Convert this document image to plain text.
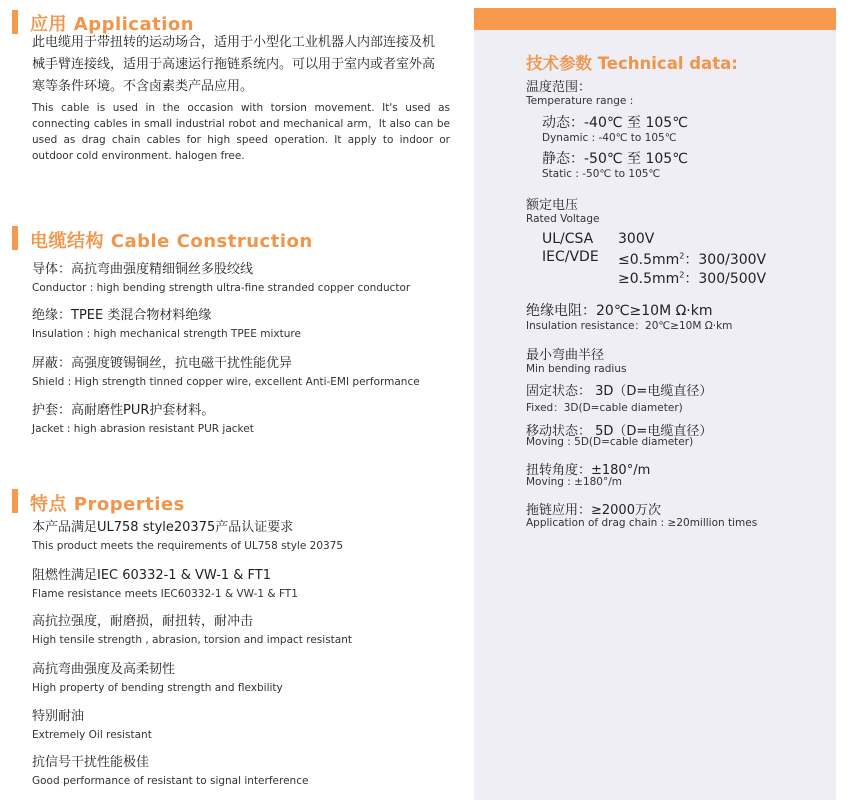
应用 Application
此电缆用于带扭转的运动场合，适用于小型化工业机器人内部连接及机械手臂连接线，适用于高速运行拖链系统内。可以用于室内或者室外高寒等条件环境。不含卤素类产品应用。
This cable is used in the occasion with torsion movement. It's used as connecting cables in small industrial robot and mechanical arm，It also can be used as drag chain cables for high speed operation. It apply to indoor or outdoor cold environment. halogen free.
电缆结构 Cable Construction
导体：高抗弯曲强度精细铜丝多股绞线
Conductor : high bending strength ultra-fine stranded copper conductor
绝缘：TPEE 类混合物材料绝缘
Insulation : high mechanical strength TPEE mixture
屏蔽：高强度镀锡铜丝，抗电磁干扰性能优异
Shield : High strength tinned copper wire, excellent Anti-EMI performance
护套：高耐磨性PUR护套材料。
Jacket : high abrasion resistant PUR jacket
特点 Properties
本产品满足UL758 style20375产品认证要求
This product meets the requirements of UL758 style 20375
阻燃性满足IEC 60332-1 & VW-1 & FT1
Flame resistance meets IEC60332-1 & VW-1 & FT1
高抗拉强度，耐磨损，耐扭转，耐冲击
High tensile strength , abrasion, torsion and impact resistant
高抗弯曲强度及高柔韧性
High property of bending strength and flexbility
特别耐油
Extremely Oil resistant
抗信号干扰性能极佳
Good performance of resistant to signal interference
技术参数 Technical data:
温度范围：
Temperature range :
动态：-40℃ 至 105℃
Dynamic : -40℃ to 105℃
静态：-50℃ 至 105℃
Static : -50℃ to 105℃
额定电压
Rated Voltage
UL/CSA 300V
$IEC/VDE \le 0.5mm^2$：300/300V
$\ge 0.5mm^2$：300/500V
绝缘电阻：20℃≥10M Ω·km
Insulation resistance：20℃≥10M Ω·km
最小弯曲半径
Min bending radius
固定状态： 3D（D=电缆直径）
Fixed：3D(D=cable diameter)
移动状态： 5D（D=电缆直径）
Moving : 5D(D=cable diameter)
扭转角度：±180°/m
Moving : ±180°/m
拖链应用：≥2000万次
Application of drag chain : ≥20million times
